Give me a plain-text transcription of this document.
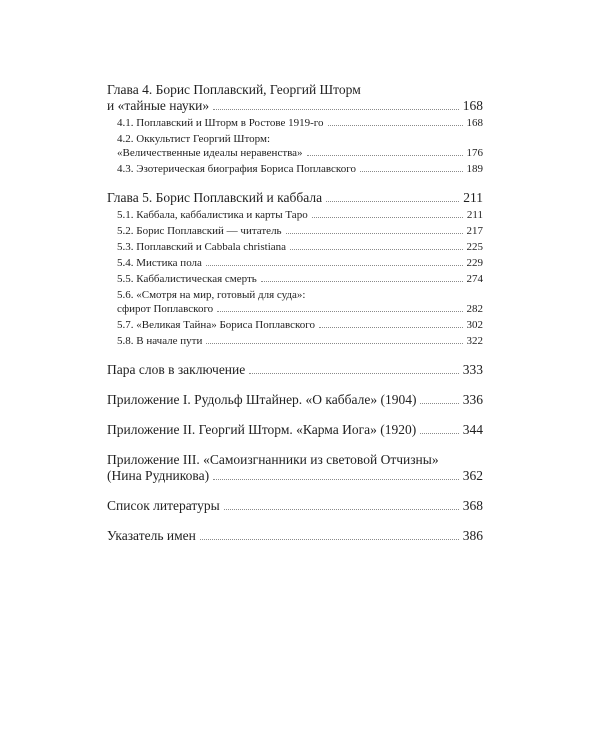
Глава 4. Борис Поплавский, Георгий Шторм
и «тайные науки»	168
4.1. Поплавский и Шторм в Ростове 1919-го	168
4.2. Оккультист Георгий Шторм:
«Величественные идеалы неравенства»	176
4.3. Эзотерическая биография Бориса Поплавского	189
Глава 5. Борис Поплавский и каббала	211
5.1. Каббала, каббалистика и карты Таро	211
5.2. Борис Поплавский — читатель	217
5.3. Поплавский и Cabbala christiana	225
5.4. Мистика пола	229
5.5. Каббалистическая смерть	274
5.6. «Смотря на мир, готовый для суда»:
сфирот Поплавского	282
5.7. «Великая Тайна» Бориса Поплавского	302
5.8. В начале пути	322
Пара слов в заключение	333
Приложение I. Рудольф Штайнер. «О каббале» (1904)	336
Приложение II. Георгий Шторм. «Карма Иога» (1920)	344
Приложение III. «Самоизгнанники из световой Отчизны»
(Нина Рудникова)	362
Список литературы	368
Указатель имен	386
